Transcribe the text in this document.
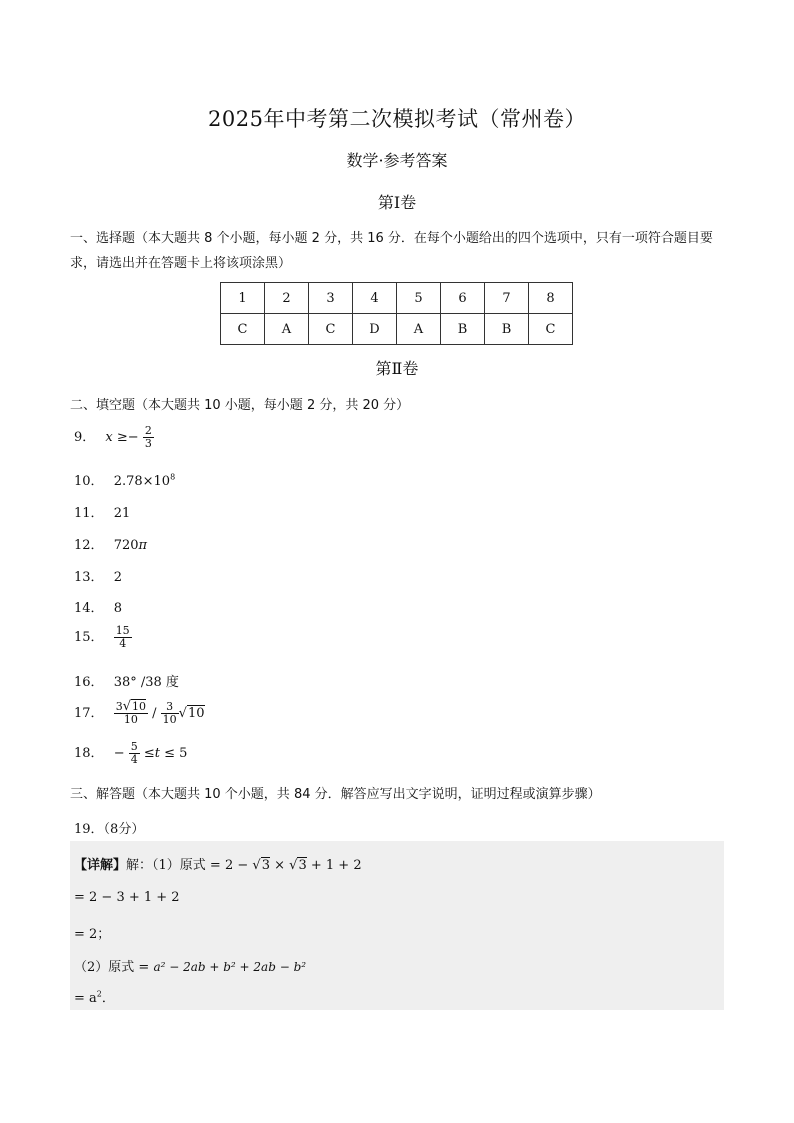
2025年中考第二次模拟考试（常州卷）
数学·参考答案
第Ⅰ卷
一、选择题（本大题共 8 个小题，每小题 2 分，共 16 分．在每个小题给出的四个选项中，只有一项符合题目要求，请选出并在答题卡上将该项涂黑）
1	2	3	4	5	6	7	8
C	A	C	D	A	B	B	C
第Ⅱ卷
二、填空题（本大题共 10 小题，每小题 2 分，共 20 分）
9． $x \ge- \frac{2}{3}$
10． $2.78\times 10^8$
11． 21
12． 720π
13． 2
14． 8
15． $\frac{15}{4}$
16． 38° /38 度
17． $\frac{3√10}{10} / \frac{3}{10} √10$
18． − $\frac{5}{4} \le t \le 5$
三、解答题（本大题共 10 个小题，共 84 分．解答应写出文字说明，证明过程或演算步骤）
19．（8分）
【详解】解：（1）原式 = 2 − √3 × √3 + 1 + 2
= 2 − 3 + 1 + 2
= 2；
（2）原式 = a² − 2ab + b² + 2ab − b²
= $a^2$．
